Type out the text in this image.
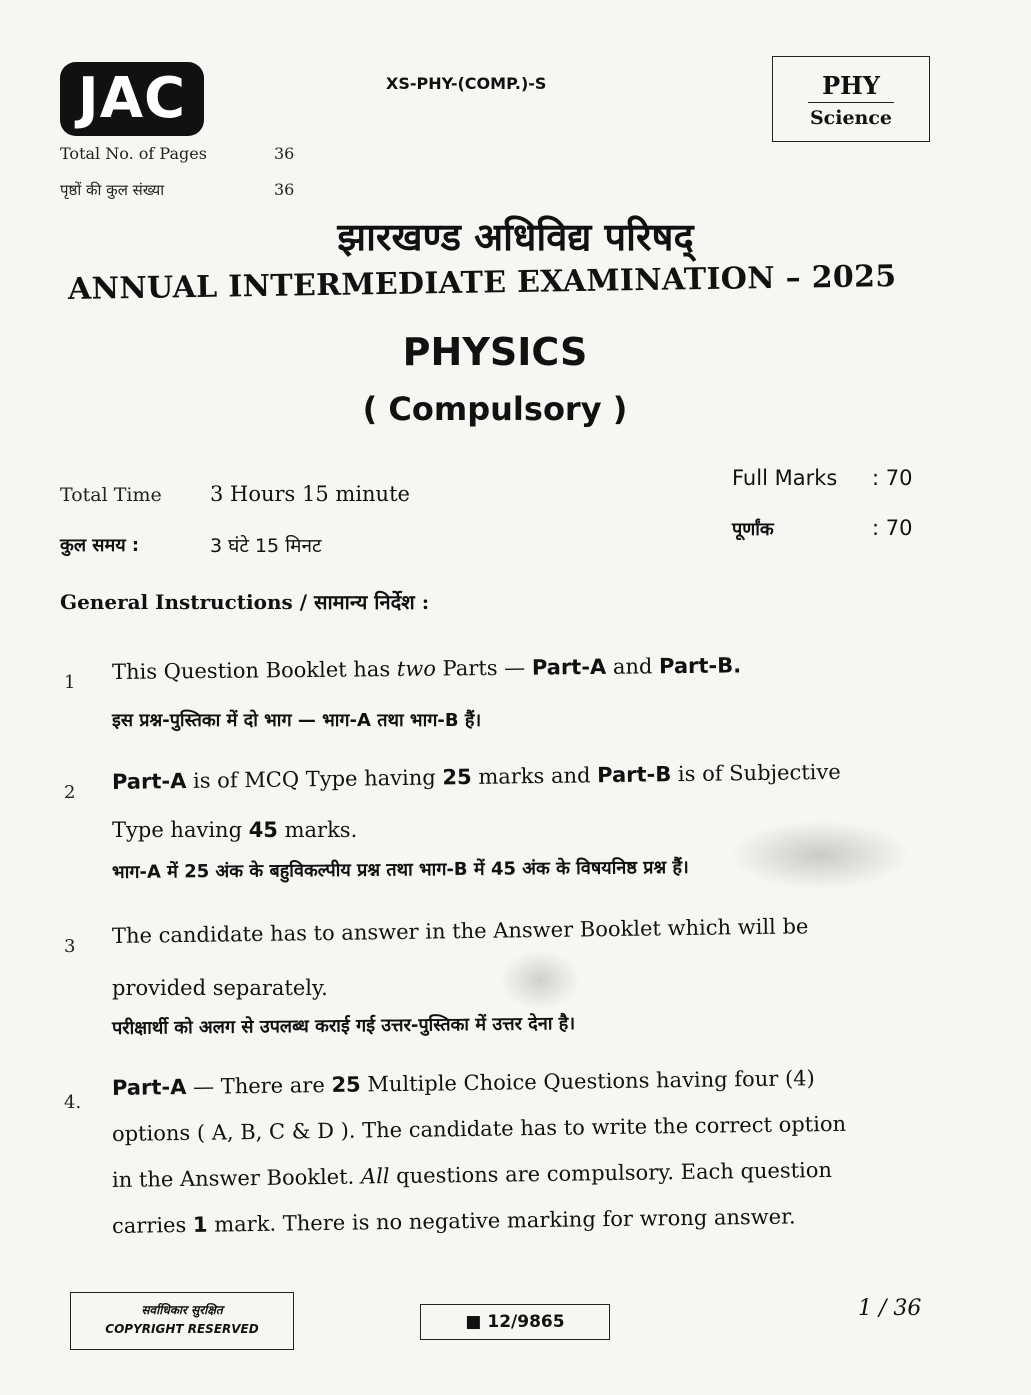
JAC	XS-PHY-(COMP.)-S	PHY
Science
Total No. of Pages	36
पृष्ठों की कुल संख्या	36
झारखण्ड अधिविद्य परिषद्
ANNUAL INTERMEDIATE EXAMINATION – 2025
PHYSICS
( Compulsory )
Total Time 3 Hours 15 minute
कुल समय :	3 घंटे 15 मिनट
Full Marks : 70
पूर्णांक	: 70
General Instructions / सामान्य निर्देश :
1 This Question Booklet has two Parts — Part-A and Part-B.
इस प्रश्न-पुस्तिका में दो भाग — भाग-A तथा भाग-B हैं।
2 Part-A is of MCQ Type having 25 marks and Part-B is of Subjective
Type having 45 marks.
भाग-A में 25 अंक के बहुविकल्पीय प्रश्न तथा भाग-B में 45 अंक के विषयनिष्ठ प्रश्न हैं।
3 The candidate has to answer in the Answer Booklet which will be
provided separately.
परीक्षार्थी को अलग से उपलब्ध कराई गई उत्तर-पुस्तिका में उत्तर देना है।
4.
Part-A — There are 25 Multiple Choice Questions having four (4)
options ( A, B, C & D ). The candidate has to write the correct option
in the Answer Booklet. All questions are compulsory. Each question
carries 1 mark. There is no negative marking for wrong answer.
सर्वाधिकार सुरक्षित
COPYRIGHT RESERVED	■ 12/9865
1 / 36
